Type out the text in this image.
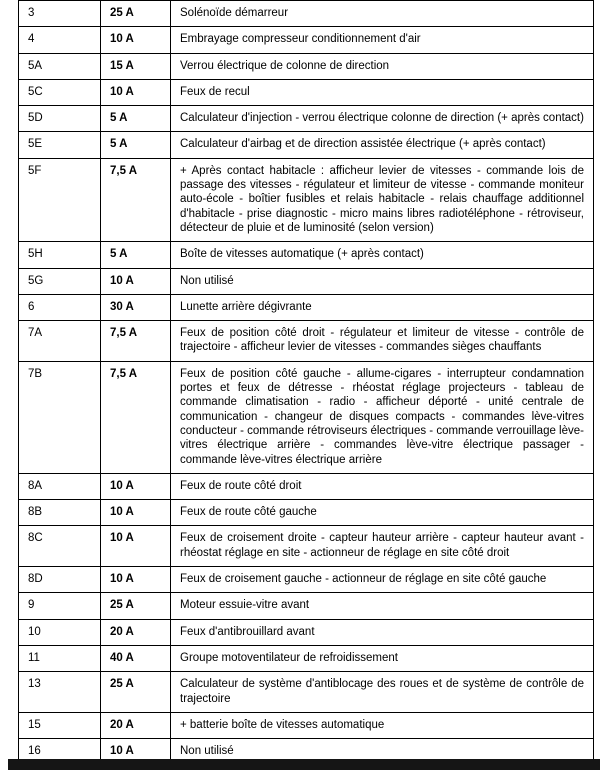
3	25 A	Solénoïde démarreur
4	10 A	Embrayage compresseur conditionnement d'air
5A	15 A	Verrou électrique de colonne de direction
5C	10 A	Feux de recul
5D	5 A	Calculateur d'injection - verrou électrique colonne de direction (+ après contact)
5E	5 A	Calculateur d'airbag et de direction assistée électrique (+ après contact)
5F	7,5 A	+ Après contact habitacle : afficheur levier de vitesses - commande lois de passage des vitesses - régulateur et limiteur de vitesse - commande moniteur auto-école - boîtier fusibles et relais habitacle - relais chauffage additionnel d'habitacle - prise diagnostic - micro mains libres radiotéléphone - rétroviseur, détecteur de pluie et de luminosité (selon version)
5H	5 A	Boîte de vitesses automatique (+ après contact)
5G	10 A	Non utilisé
6	30 A	Lunette arrière dégivrante
7A	7,5 A	Feux de position côté droit - régulateur et limiteur de vitesse - contrôle de trajectoire - afficheur levier de vitesses - commandes sièges chauffants
7B	7,5 A	Feux de position côté gauche - allume-cigares - interrupteur condamnation portes et feux de détresse - rhéostat réglage projecteurs - tableau de commande climatisation - radio - afficheur déporté - unité centrale de communication - changeur de disques compacts - commandes lève-vitres conducteur - commande rétroviseurs électriques - commande verrouillage lève-vitres électrique arrière - commandes lève-vitre électrique passager - commande lève-vitres électrique arrière
8A	10 A	Feux de route côté droit
8B	10 A	Feux de route côté gauche
8C	10 A	Feux de croisement droite - capteur hauteur arrière - capteur hauteur avant - rhéostat réglage en site - actionneur de réglage en site côté droit
8D	10 A	Feux de croisement gauche - actionneur de réglage en site côté gauche
9	25 A	Moteur essuie-vitre avant
10	20 A	Feux d'antibrouillard avant
11	40 A	Groupe motoventilateur de refroidissement
13	25 A	Calculateur de système d'antiblocage des roues et de système de contrôle de trajectoire
15	20 A	+ batterie boîte de vitesses automatique
16	10 A	Non utilisé
